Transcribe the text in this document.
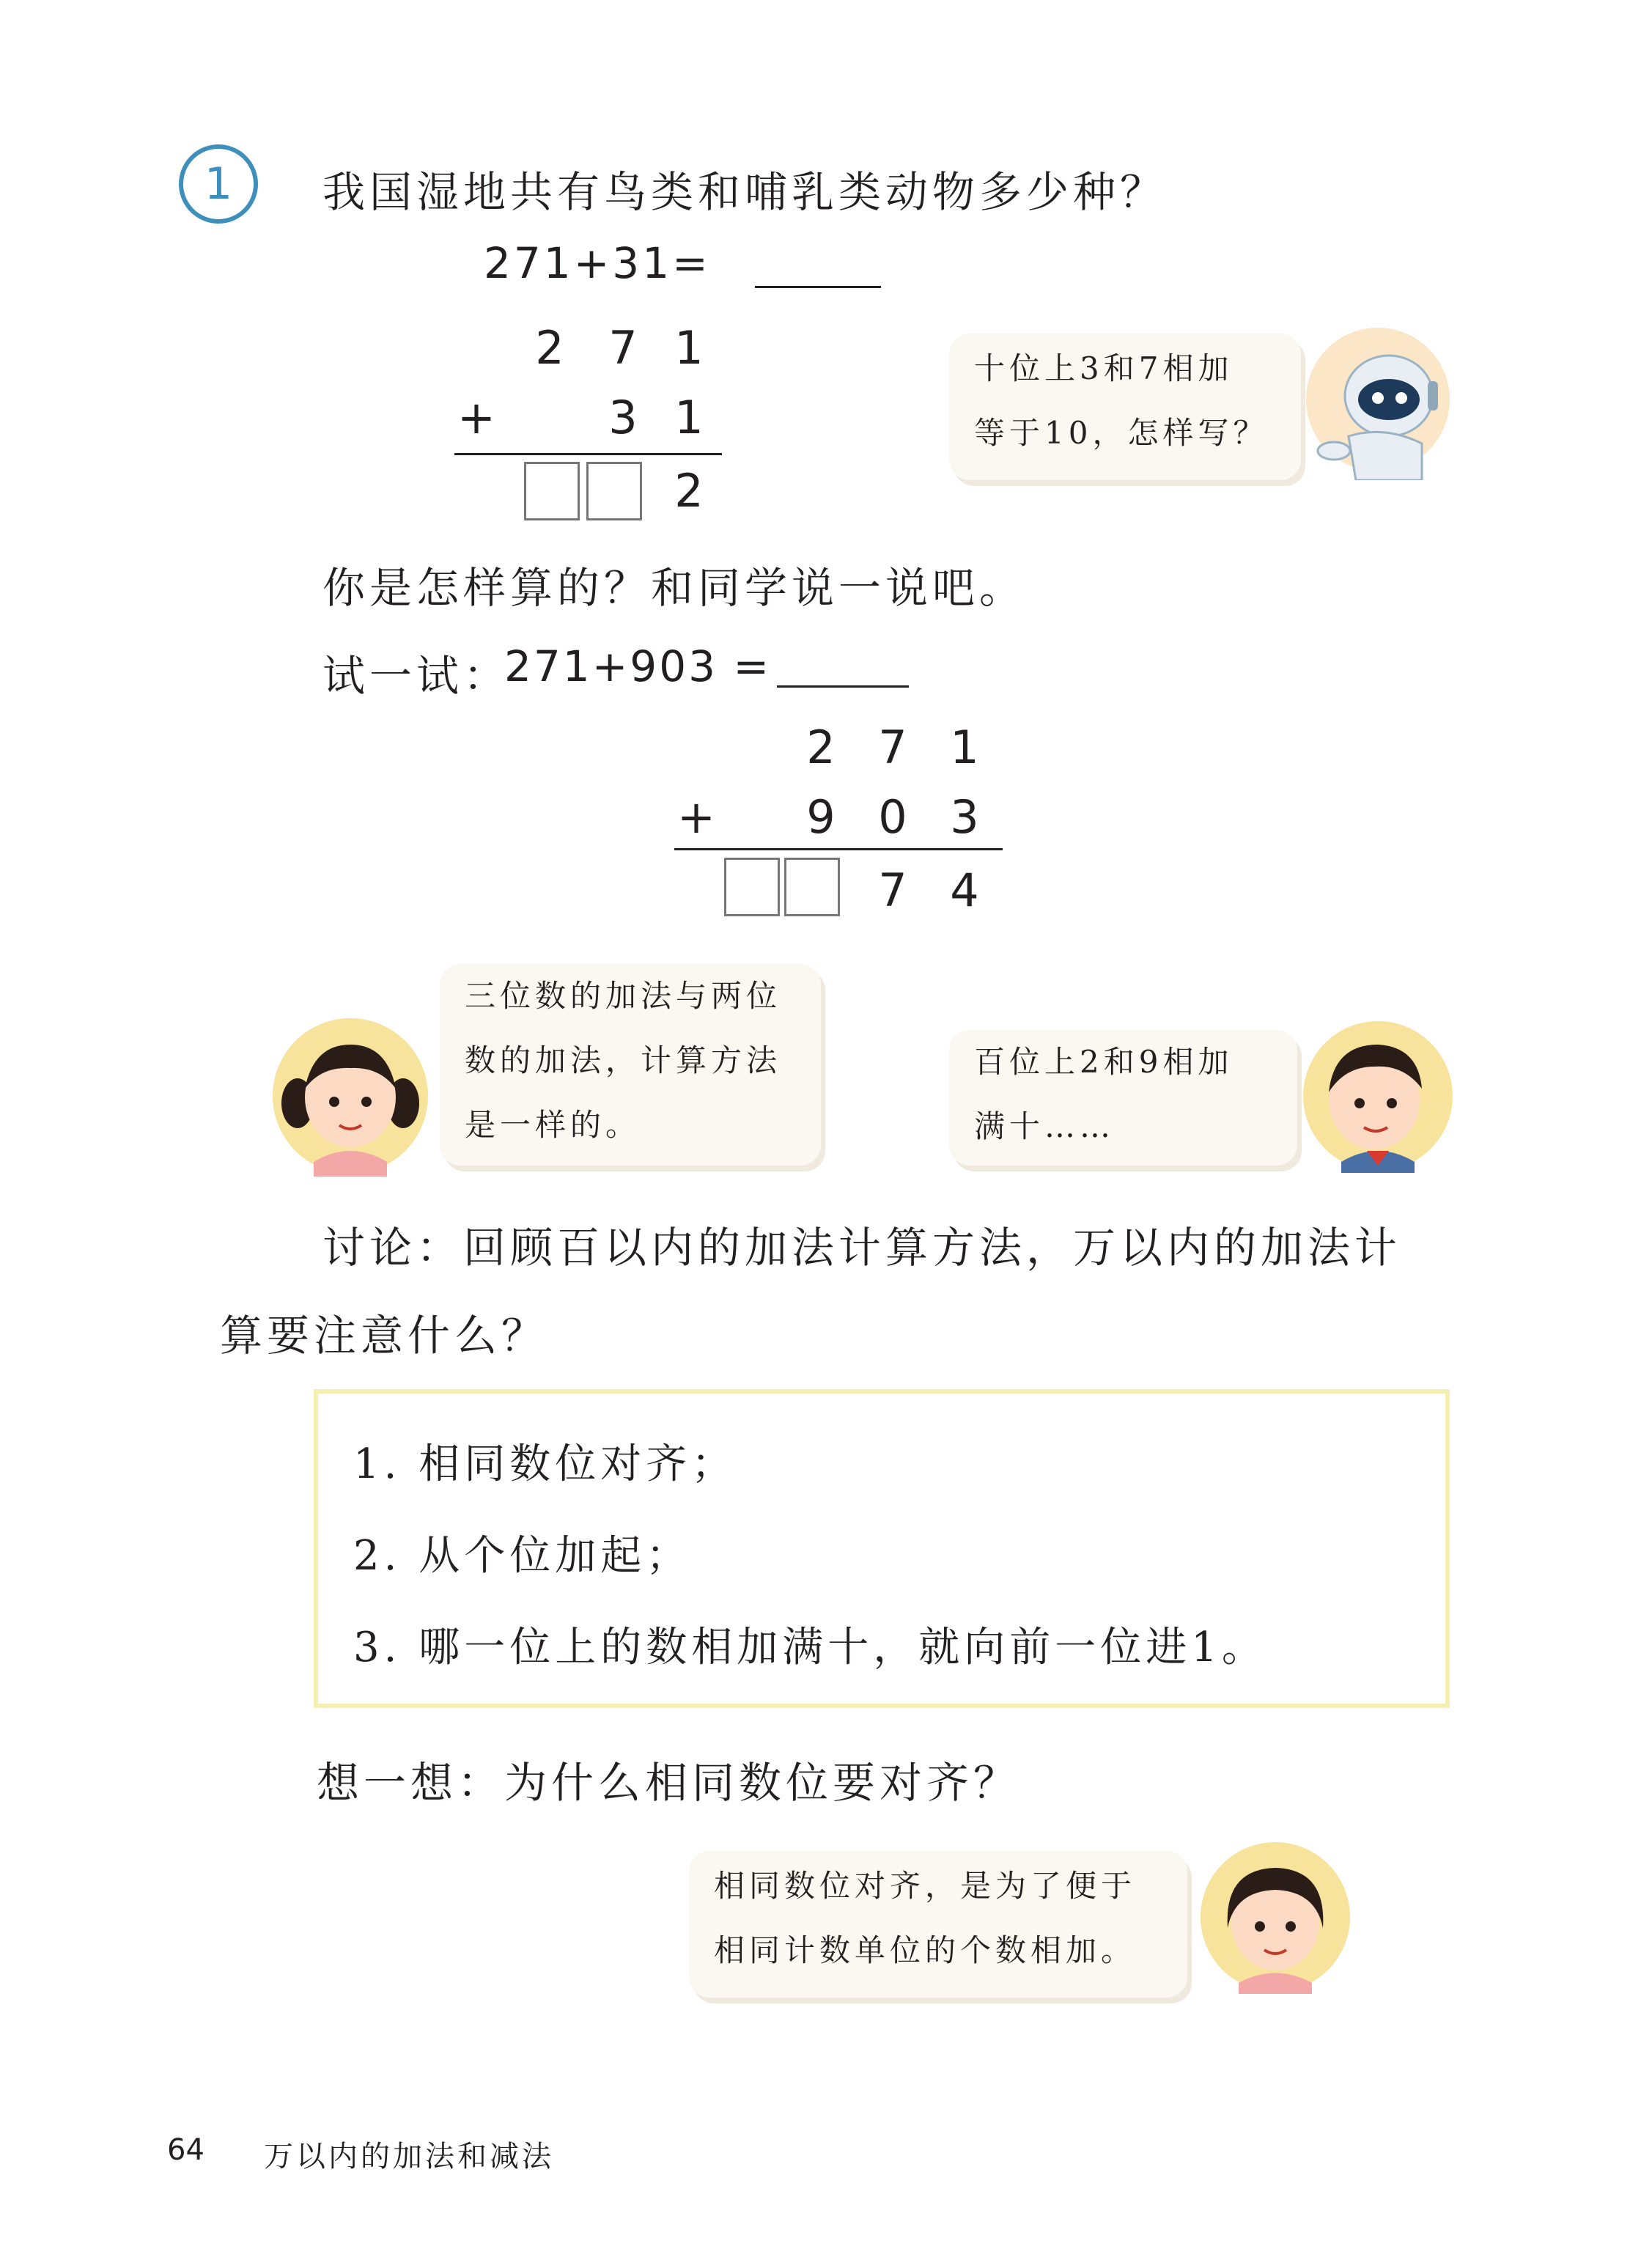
1	我国湿地共有鸟类和哺乳类动物多少种？
271+31=
2 7 1
+ 3 1
2
十位上3和7相加
等于10，怎样写？
你是怎样算的？和同学说一说吧。
试一试：
271+903 =
2 7 1
+ 9 0 3
7 4
三位数的加法与两位
数的加法，计算方法
是一样的。
百位上2和9相加
满十……
讨论：回顾百以内的加法计算方法，万以内的加法计
算要注意什么？
1. 相同数位对齐；
2. 从个位加起；
3. 哪一位上的数相加满十，就向前一位进1。
想一想：为什么相同数位要对齐？
相同数位对齐，是为了便于
相同计数单位的个数相加。
64 万以内的加法和减法
